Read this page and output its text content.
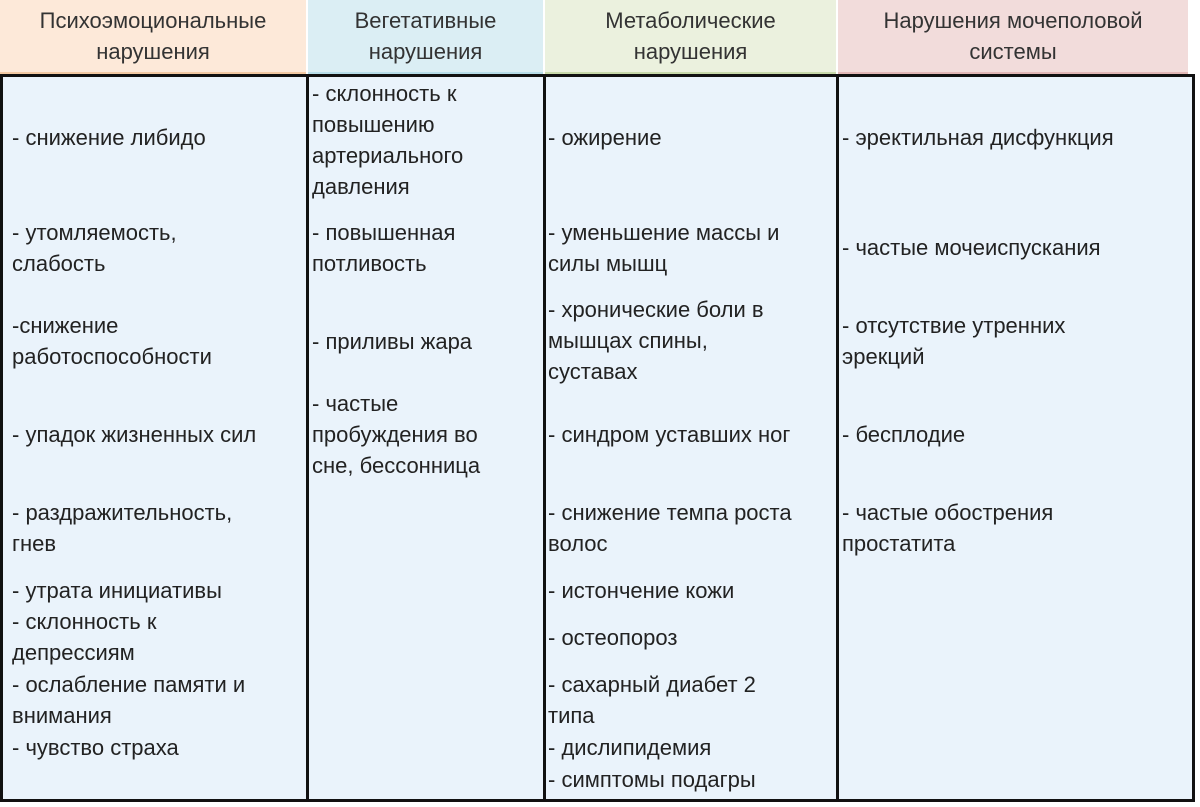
Психоэмоциональные
нарушения
Вегетативные
нарушения
Метаболические
нарушения
Нарушения мочеполовой
системы
- снижение либидо
- утомляемость,
слабость
-снижение
работоспособности
- упадок жизненных сил
- раздражительность,
гнев
- утрата инициативы
- склонность к
депрессиям
- ослабление памяти и
внимания
- чувство страха
- склонность к
повышению
артериального
давления
- повышенная
потливость
- приливы жара
- частые
пробуждения во
сне, бессонница
- ожирение
- уменьшение массы и
силы мышц
- хронические боли в
мышцах спины,
суставах
- синдром уставших ног
- снижение темпа роста
волос
- истончение кожи
- остеопороз
- сахарный диабет 2
типа
- дислипидемия
- симптомы подагры
- эректильная дисфункция
- частые мочеиспускания
- отсутствие утренних
эрекций
- бесплодие
- частые обострения
простатита
